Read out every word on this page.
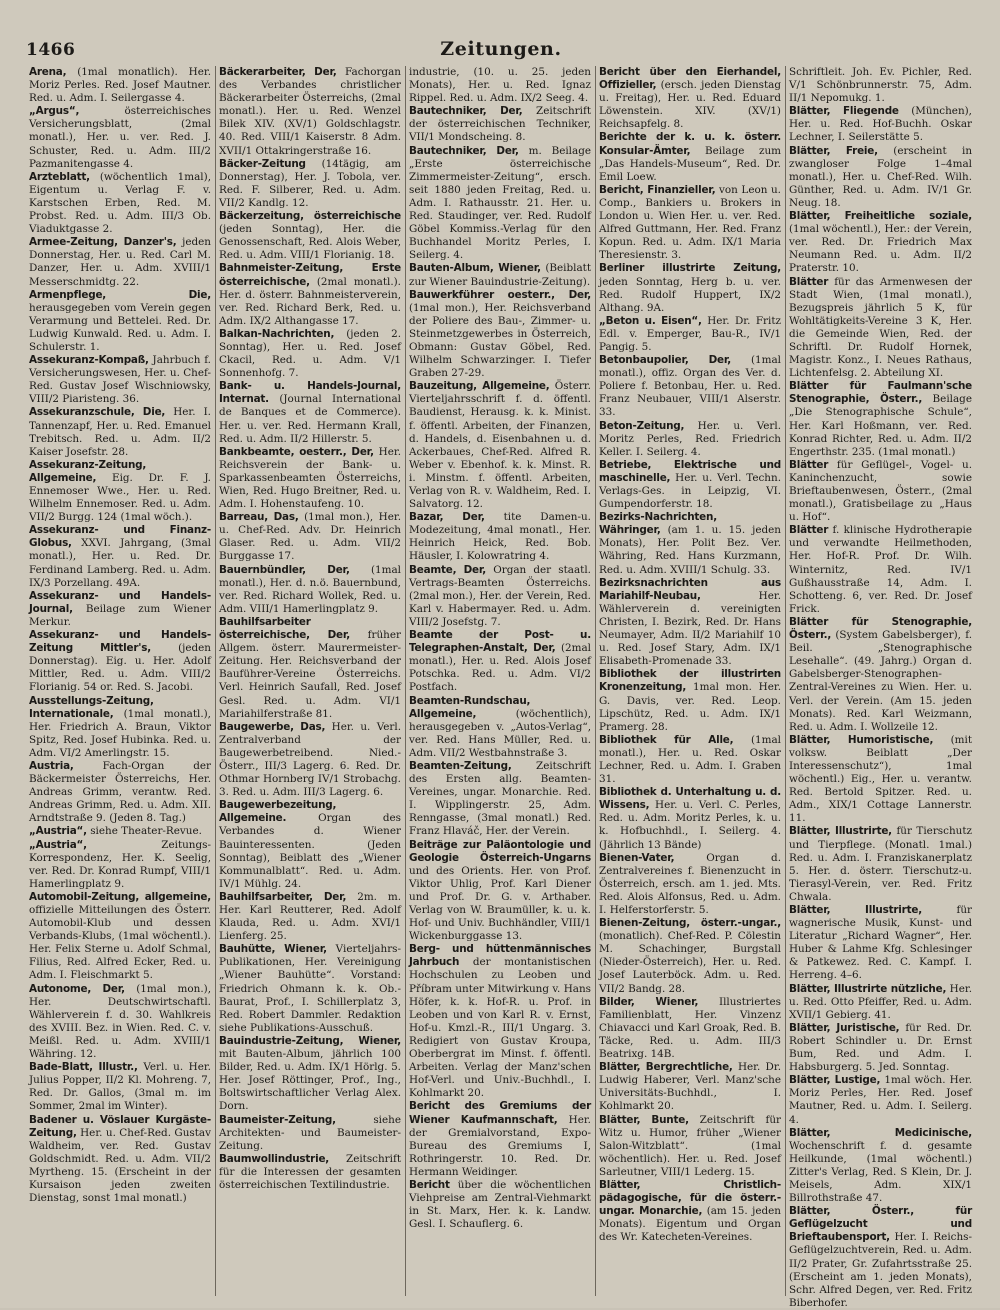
1466	Zeitungen.

Arena, (1mal monatlich). Her. Moriz Perles. Red. Josef Mautner. Red. u. Adm. I. Seilergasse 4.

„Argus“,	österreichisches Versicherungsblatt, (2mal monatl.), Her. u. ver. Red. J. Schuster, Red. u. Adm. III/2 Pazmanitengasse 4.

Arzteblatt, (wöchentlich 1mal), Eigentum u. Verlag F. v. Karstschen Erben, Red. M. Probst. Red. u. Adm. III/3 Ob. Viaduktgasse 2.

Armee-Zeitung, Danzer's, jeden Donnerstag, Her. u. Red. Carl M. Danzer, Her. u. Adm. XVIII/1 Messerschmidtg. 22.

Armenpflege, Die, herausgegeben vom Verein gegen Verarmung und Bettelei. Red. Dr. Ludwig Kunwald. Red. u. Adm. I. Schulerstr. 1.

Assekuranz-Kompaß, Jahrbuch f. Versicherungswesen, Her. u. Chef-Red. Gustav Josef Wischniowsky, VIII/2 Piaristeng. 36.

Assekuranzschule, Die, Her. I. Tannenzapf, Her. u. Red. Emanuel Trebitsch. Red. u. Adm. II/2 Kaiser Josefstr. 28.

Assekuranz-Zeitung, Allgemeine, Eig. Dr. F. J. Ennemoser Wwe., Her. u. Red. Wilhelm Ennemoser. Red. u. Adm. VII/2 Burgg. 124 (1mal wöch.).

Assekuranz- und Finanz-Globus, XXVI. Jahrgang, (3mal monatl.), Her. u. Red. Dr. Ferdinand Lamberg. Red. u. Adm. IX/3 Porzellang. 49A.

Assekuranz- und Handels-Journal, Beilage zum Wiener Merkur.

Assekuranz- und Handels-Zeitung Mittler's,	(jeden Donnerstag). Eig. u. Her. Adolf Mittler, Red. u. Adm. VIII/2 Florianig. 54 or. Red. S. Jacobi.

Ausstellungs-Zeitung, Internationale, (1mal monatl.), Her. Friedrich A. Braun, Viktor Spitz, Red. Josef Hubinka. Red. u. Adm. VI/2 Amerlingstr. 15.

Austria,	Fach-Organ der Bäckermeister Österreichs, Her. Andreas Grimm, verantw. Red. Andreas Grimm, Red. u. Adm. XII. Arndtstraße 9. (Jeden 8. Tag.)

„Austria“, siehe Theater-Revue.

„Austria“,	Zeitungs-Korrespondenz, Her. K. Seelig, ver. Red. Dr. Konrad Rumpf, VIII/1 Hamerlingplatz 9.

Automobil-Zeitung, allgemeine, offizielle Mitteilungen des Österr. Automobil-Klub und dessen Verbands-Klubs, (1mal wöchentl.). Her. Felix Sterne u. Adolf Schmal, Filius, Red. Alfred Ecker, Red. u. Adm. I. Fleischmarkt 5.

Autonome, Der, (1mal mon.), Her. Deutschwirtschaftl. Wählerverein f. d. 30. Wahlkreis des XVIII. Bez. in Wien. Red. C. v. Meißl. Red. u. Adm. XVIII/1 Währing. 12.

Bade-Blatt, Illustr., Verl. u. Her. Julius Popper, II/2 Kl. Mohreng. 7, Red. Dr. Gallos, (3mal m. im Sommer, 2mal im Winter).

Badener u. Vöslauer Kurgäste-Zeitung, Her. u. Chef-Red. Gustav Waldheim, ver. Red. Gustav Goldschmidt. Red. u. Adm. VII/2 Myrtheng. 15. (Erscheint in der Kursaison jeden zweiten Dienstag, sonst 1mal monatl.)

Bäckerarbeiter, Der, Fachorgan des Verbandes christlicher Bäckerarbeiter Österreichs, (2mal monatl.). Her. u. Red. Wenzel Bilek XIV. (XV/1) Goldschlagstr. 40. Red. VIII/1 Kaiserstr. 8 Adm. XVII/1 Ottakringerstraße 16.

Bäcker-Zeitung (14tägig, am Donnerstag), Her. J. Tobola, ver. Red. F. Silberer, Red. u. Adm. VII/2 Kandlg. 12.

Bäckerzeitung, österreichische (jeden Sonntag), Her. die Genossenschaft, Red. Alois Weber, Red. u. Adm. VIII/1 Florianig. 18.

Bahnmeister-Zeitung, Erste österreichische, (2mal monatl.). Her. d. österr. Bahnmeisterverein, ver. Red. Richard Berk, Red. u. Adm. IX/2 Althangasse 17.

Balkan-Nachrichten, (jeden 2. Sonntag), Her. u. Red. Josef Ckacil, Red. u. Adm. V/1 Sonnenhofg. 7.

Bank- u. Handels-Journal, Internat. (Journal International de Banques et de Commerce). Her. u. ver. Red. Hermann Krall, Red. u. Adm. II/2 Hillerstr. 5.

Bankbeamte, oesterr., Der, Her. Reichsverein der Bank- u. Sparkassenbeamten Österreichs, Wien, Red. Hugo Breitner, Red. u. Adm. I. Hohenstaufeng. 10.

Barreau, Das, (1mal mon.), Her. u. Chef-Red. Adv. Dr. Heinrich Glaser. Red. u. Adm. VII/2 Burggasse 17.

Bauernbündler, Der, (1mal monatl.), Her. d. n.ö. Bauernbund, ver. Red. Richard Wollek, Red. u. Adm. VIII/1 Hamerlingplatz 9.

Bauhilfsarbeiter österreichische, Der, früher Allgem. österr. Maurermeister-Zeitung. Her. Reichsverband der Bauführer-Vereine Österreichs. Verl. Heinrich Saufall, Red. Josef Gesl. Red. u. Adm. VI/1 Mariahilferstraße 81.

Baugewerbe, Das, Her. u. Verl. Zentralverband der Baugewerbetreibend. Nied.-Österr., III/3 Lagerg. 6. Red. Dr. Othmar Hornberg IV/1 Strobachg. 3. Red. u. Adm. III/3 Lagerg. 6.

Baugewerbezeitung, Allgemeine.	Organ des Verbandes d. Wiener Bauinteressenten. (Jeden Sonntag), Beiblatt des „Wiener Kommunalblatt“. Red. u. Adm. IV/1 Mühlg. 24.

Bauhilfsarbeiter, Der, 2m. m. Her. Karl Reutterer, Red. Adolf Klauda, Red. u. Adm. XVI/1 Lienferg. 25.

Bauhütte, Wiener, Vierteljahrs-Publikationen, Her. Vereinigung „Wiener Bauhütte“. Vorstand: Friedrich Ohmann k. k. Ob.-Baurat, Prof., I. Schillerplatz 3, Red. Robert Dammler. Redaktion siehe Publikations-Ausschuß.

Bauindustrie-Zeitung, Wiener, mit Bauten-Album, jährlich 100 Bilder, Red. u. Adm. IX/1 Hörlg. 5. Her. Josef Röttinger, Prof., Ing., Boltswirtschaftlicher Verlag Alex. Dorn.

Baumeister-Zeitung,	siehe Architekten- und Baumeister-Zeitung.

Baumwollindustrie, Zeitschrift für die Interessen der gesamten österreichischen Textilindustrie.

industrie, (10. u. 25. jeden Monats), Her. u. Red. Ignaz Rippel. Red. u. Adm. IX/2 Seeg. 4.

Bautechniker, Der, Zeitschrift der österreichischen Techniker, VII/1 Mondscheing. 8.

Bautechniker, Der, m. Beilage „Erste österreichische Zimmermeister-Zeitung“, ersch. seit 1880 jeden Freitag, Red. u. Adm. I. Rathausstr. 21. Her. u. Red. Staudinger, ver. Red. Rudolf Göbel Kommiss.-Verlag für den Buchhandel Moritz Perles, I. Seilerg. 4.

Bauten-Album, Wiener, (Beiblatt zur Wiener Bauindustrie-Zeitung).

Bauwerkführer oesterr., Der, (1mal mon.), Her. Reichsverband der Poliere des Bau-, Zimmer- u. Steinmetzgewerbes in Österreich, Obmann: Gustav Göbel, Red. Wilhelm Schwarzinger. I. Tiefer Graben 27-29.

Bauzeitung, Allgemeine, Österr. Vierteljahrsschrift f. d. öffentl. Baudienst, Herausg. k. k. Minist. f. öffentl. Arbeiten, der Finanzen, d. Handels, d. Eisenbahnen u. d. Ackerbaues, Chef-Red. Alfred R. Weber v. Ebenhof. k. k. Minst. R. i. Minstm. f. öffentl. Arbeiten, Verlag von R. v. Waldheim, Red. I. Salvatorg. 12.

Bazar, Der, tite Damen-u. Modezeitung, 4mal monatl., Her. Heinrich Heick, Red. Bob. Häusler, I. Kolowratring 4.

Beamte, Der, Organ der staatl. Vertrags-Beamten Österreichs. (2mal mon.), Her. der Verein, Red. Karl v. Habermayer. Red. u. Adm. VIII/2 Josefstg. 7.

Beamte der Post- u. Telegraphen-Anstalt, Der, (2mal monatl.), Her. u. Red. Alois Josef Potschka. Red. u. Adm. VI/2 Postfach.

Beamten-Rundschau, Allgemeine,	(wöchentlich), herausgegeben v. „Autos-Verlag“, ver. Red. Hans Müller, Red. u. Adm. VII/2 Westbahnstraße 3.

Beamten-Zeitung, Zeitschrift des Ersten allg. Beamten-Vereines, ungar. Monarchie. Red. I. Wipplingerstr. 25, Adm. Renngasse, (3mal monatl.) Red. Franz Hlaváč, Her. der Verein.

Beiträge zur Paläontologie und Geologie Österreich-Ungarns und des Orients. Her. von Prof. Viktor Uhlig, Prof. Karl Diener und Prof. Dr. G. v. Arthaber. Verlag von W. Braumüller, k. u. k. Hof- und Univ. Buchhändler, VIII/1 Wickenburggasse 13.

Berg- und hüttenmännisches Jahrbuch der montanistischen Hochschulen zu Leoben und Příbram unter Mitwirkung v. Hans Höfer, k. k. Hof-R. u. Prof. in Leoben und von Karl R. v. Ernst, Hof-u. Kmzl.-R., III/1 Ungarg. 3. Redigiert von Gustav Kroupa, Oberbergrat im Minst. f. öffentl. Arbeiten. Verlag der Manz'schen Hof-Verl. und Univ.-Buchhdl., I. Kohlmarkt 20.

Bericht des Gremiums der Wiener Kaufmannschaft, Her. der Gremialvorstand, Expo-Bureau des Gremiums I, Rothringerstr. 10. Red. Dr. Hermann Weidinger.

Bericht über die wöchentlichen Viehpreise am Zentral-Viehmarkt in St. Marx, Her. k. k. Landw. Gesl. I. Schauflerg. 6.

Bericht über den Eierhandel, Offizieller, (ersch. jeden Dienstag u. Freitag), Her. u. Red. Eduard Löwenstein. XIV. (XV/1) Reichsapfelg. 8.

Berichte der k. u. k. österr. Konsular-Ämter, Beilage zum „Das Handels-Museum“, Red. Dr. Emil Loew.

Bericht, Finanzieller, von Leon u. Comp., Bankiers u. Brokers in London u. Wien Her. u. ver. Red. Alfred Guttmann, Her. Red. Franz Kopun. Red. u. Adm. IX/1 Maria Theresienstr. 3.

Berliner illustrirte Zeitung, jeden Sonntag, Herg b. u. ver. Red. Rudolf Huppert, IX/2 Althang. 9A.

„Beton u. Eisen“, Her. Dr. Fritz Edl. v. Emperger, Bau-R., IV/1 Pangig. 5.

Betonbaupolier, Der, (1mal monatl.), offiz. Organ des Ver. d. Poliere f. Betonbau, Her. u. Red. Franz Neubauer, VIII/1 Alserstr. 33.

Beton-Zeitung, Her. u. Verl. Moritz Perles, Red. Friedrich Keller. I. Seilerg. 4.

Betriebe, Elektrische und maschinelle, Her. u. Verl. Techn. Verlags-Ges. in Leipzig, VI. Gumpendorferstr. 18.

Bezirks-Nachrichten, Währinger, (am 1. u. 15. jeden Monats), Her. Polit Bez. Ver. Währing, Red. Hans Kurzmann, Red. u. Adm. XVIII/1 Schulg. 33.

Bezirksnachrichten aus Mariahilf-Neubau,	Her. Wählerverein d. vereinigten Christen, I. Bezirk, Red. Dr. Hans Neumayer, Adm. II/2 Mariahilf 10 u. Red. Josef Stary, Adm. IX/1 Elisabeth-Promenade 33.

Bibliothek der illustrirten Kronenzeitung, 1mal mon. Her. G. Davis, ver. Red. Leop. Lipschütz, Red. u. Adm. IX/1 Pramerg. 28.

Bibliothek für Alle, (1mal monatl.), Her. u. Red. Oskar Lechner, Red. u. Adm. I. Graben 31.

Bibliothek d. Unterhaltung u. d. Wissens, Her. u. Verl. C. Perles, Red. u. Adm. Moritz Perles, k. u. k. Hofbuchhdl., I. Seilerg. 4. (Jährlich 13 Bände)

Bienen-Vater,	Organ d. Zentralvereines f. Bienenzucht in Österreich, ersch. am 1. jed. Mts. Red. Alois Alfonsus, Red. u. Adm. I. Helferstorferstr. 5.

Bienen-Zeitung, österr.-ungar., (monatlich). Chef-Red. P. Cölestin M. Schachinger, Burgstall (Nieder-Österreich), Her. u. Red. Josef Lauterböck. Adm. u. Red. VII/2 Bandg. 28.

Bilder, Wiener, Illustriertes Familienblatt, Her. Vinzenz Chiavacci und Karl Groak, Red. B. Täcke, Red. u. Adm. III/3 Beatrixg. 14B.

Blätter, Bergrechtliche, Her. Dr. Ludwig Haberer, Verl. Manz'sche Universitäts-Buchhdl., I. Kohlmarkt 20.

Blätter, Bunte, Zeitschrift für Witz u. Humor, früher „Wiener Salon-Witzblatt“. (1mal wöchentlich). Her. u. Red. Josef Sarleutner, VIII/1 Lederg. 15.

Blätter, Christlich-pädagogische, für die österr.-ungar. Monarchie, (am 15. jeden Monats). Eigentum und Organ des Wr. Katecheten-Vereines.

Schriftleit. Joh. Ev. Pichler, Red. V/1 Schönbrunnerstr. 75, Adm. II/1 Nepomukg. 1.

Blätter, Fliegende (München), Her. u. Red. Hof-Buchh. Oskar Lechner, I. Seilerstätte 5.

Blätter, Freie, (erscheint in zwangloser Folge 1–4mal monatl.), Her. u. Chef-Red. Wilh. Günther, Red. u. Adm. IV/1 Gr. Neug. 18.

Blätter, Freiheitliche soziale, (1mal wöchentl.), Her.: der Verein, ver. Red. Dr. Friedrich Max Neumann Red. u. Adm. II/2 Praterstr. 10.

Blätter für das Armenwesen der Stadt Wien, (1mal monatl.), Bezugspreis jährlich 5 K, für Wohltätigkeits-Vereine 3 K, Her. die Gemeinde Wien, Red. der Schriftl. Dr. Rudolf Hornek, Magistr. Konz., I. Neues Rathaus, Lichtenfelsg. 2. Abteilung XI.

Blätter für Faulmann'sche Stenographie, Österr., Beilage „Die Stenographische Schule“, Her. Karl Hoßmann, ver. Red. Konrad Richter, Red. u. Adm. II/2 Engerthstr. 235. (1mal monatl.)

Blätter für Geflügel-, Vogel- u. Kaninchenzucht, sowie Brieftaubenwesen, Österr., (2mal monatl.), Gratisbeilage zu „Haus u. Hof“.

Blätter f. klinische Hydrotherapie und verwandte Heilmethoden, Her. Hof-R. Prof. Dr. Wilh. Winternitz, Red. IV/1 Gußhausstraße 14, Adm. I. Schotteng. 6, ver. Red. Dr. Josef Frick.

Blätter für Stenographie, Österr., (System Gabelsberger), f. Beil. „Stenographische Lesehalle“. (49. Jahrg.) Organ d. Gabelsberger-Stenographen-Zentral-Vereines zu Wien. Her. u. Verl. der Verein. (Am 15. jeden Monats). Red. Karl Weizmann, Red. u. Adm. I. Wollzeile 12.

Blätter, Humoristische, (mit volksw. Beiblatt „Der Interessenschutz“), 1mal wöchentl.) Eig., Her. u. verantw. Red. Bertold Spitzer. Red. u. Adm., XIX/1 Cottage Lannerstr. 11.

Blätter, Illustrirte, für Tierschutz und Tierpflege. (Monatl. 1mal.) Red. u. Adm. I. Franziskanerplatz 5. Her. d. österr. Tierschutz-u. Tierasyl-Verein, ver. Red. Fritz Chwala.

Blätter, Illustrirte,	für wagnerische Musik, Kunst- und Literatur „Richard Wagner“, Her. Huber & Lahme Kfg. Schlesinger & Patkewez. Red. C. Kampf. I. Herreng. 4–6.

Blätter, Illustrirte nützliche, Her. u. Red. Otto Pfeiffer, Red. u. Adm. XVII/1 Gebierg. 41.

Blätter, Juristische, für Red. Dr. Robert Schindler u. Dr. Ernst Bum, Red. und Adm. I. Habsburgerg. 5. Jed. Sonntag.

Blätter, Lustige, 1mal wöch. Her. Moriz Perles, Her. Red. Josef Mautner, Red. u. Adm. I. Seilerg. 4.

Blätter, Medicinische, Wochenschrift f. d. gesamte Heilkunde, (1mal wöchentl.) Zitter's Verlag, Red. S Klein, Dr. J. Meisels, Adm. XIX/1 Billrothstraße 47.

Blätter, Österr., für Geflügelzucht und Brieftaubensport, Her. I. Reichs-Geflügelzuchtverein, Red. u. Adm. II/2 Prater, Gr. Zufahrtsstraße 25. (Erscheint am 1. jeden Monats), Schr. Alfred Degen, ver. Red. Fritz Biberhofer.
